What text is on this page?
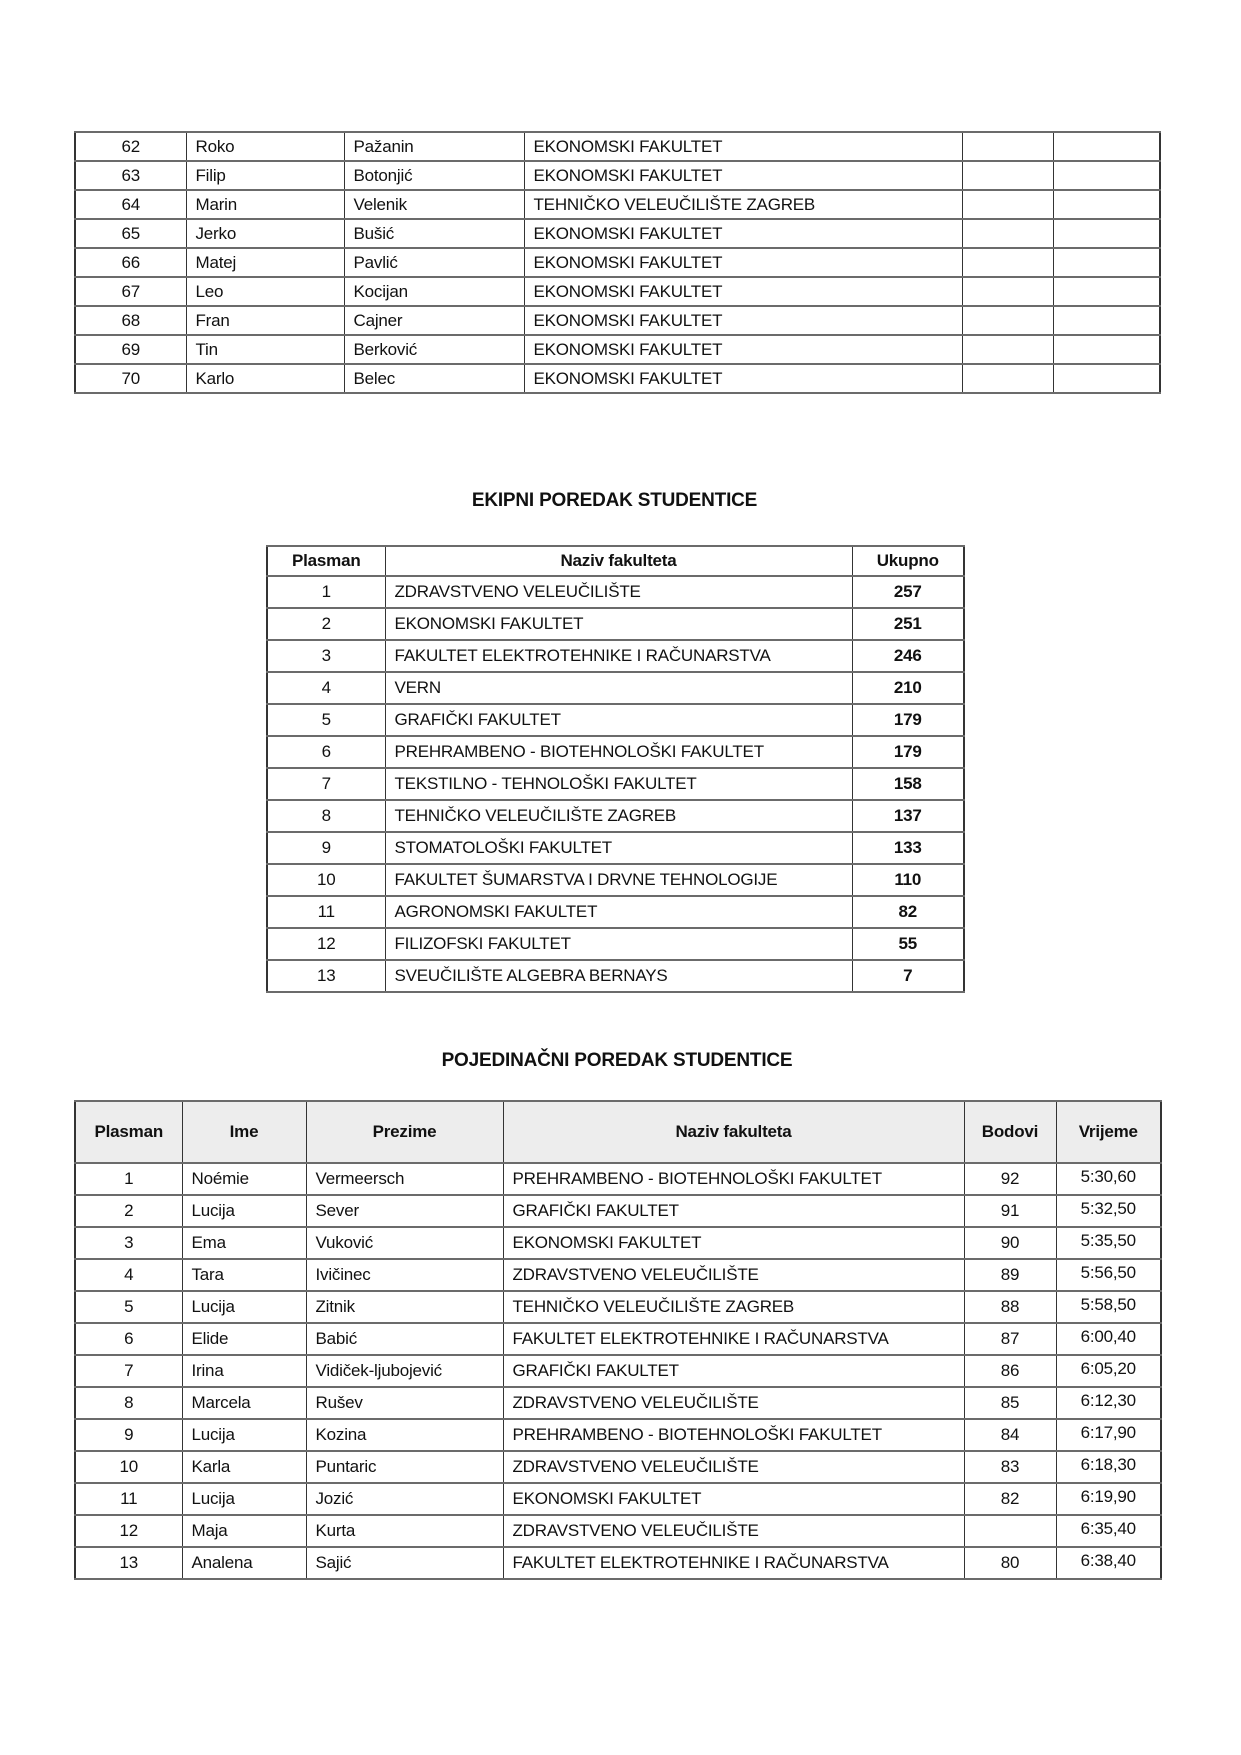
62	Roko	Pažanin	EKONOMSKI FAKULTET		
63	Filip	Botonjić	EKONOMSKI FAKULTET		
64	Marin	Velenik	TEHNIČKO VELEUČILIŠTE ZAGREB		
65	Jerko	Bušić	EKONOMSKI FAKULTET		
66	Matej	Pavlić	EKONOMSKI FAKULTET		
67	Leo	Kocijan	EKONOMSKI FAKULTET		
68	Fran	Cajner	EKONOMSKI FAKULTET		
69	Tin	Berković	EKONOMSKI FAKULTET		
70	Karlo	Belec	EKONOMSKI FAKULTET		
EKIPNI POREDAK STUDENTICE
Plasman	Naziv fakulteta	Ukupno
1	ZDRAVSTVENO VELEUČILIŠTE	257
2	EKONOMSKI FAKULTET	251
3	FAKULTET ELEKTROTEHNIKE I RAČUNARSTVA	246
4	VERN	210
5	GRAFIČKI FAKULTET	179
6	PREHRAMBENO - BIOTEHNOLOŠKI FAKULTET	179
7	TEKSTILNO - TEHNOLOŠKI FAKULTET	158
8	TEHNIČKO VELEUČILIŠTE ZAGREB	137
9	STOMATOLOŠKI FAKULTET	133
10	FAKULTET ŠUMARSTVA I DRVNE TEHNOLOGIJE	110
11	AGRONOMSKI FAKULTET	82
12	FILIZOFSKI FAKULTET	55
13	SVEUČILIŠTE ALGEBRA BERNAYS	7
POJEDINAČNI POREDAK STUDENTICE
Plasman	Ime	Prezime	Naziv fakulteta	Bodovi	Vrijeme
1	Noémie	Vermeersch	PREHRAMBENO - BIOTEHNOLOŠKI FAKULTET	92	5:30,60
2	Lucija	Sever	GRAFIČKI FAKULTET	91	5:32,50
3	Ema	Vuković	EKONOMSKI FAKULTET	90	5:35,50
4	Tara	Ivičinec	ZDRAVSTVENO VELEUČILIŠTE	89	5:56,50
5	Lucija	Zitnik	TEHNIČKO VELEUČILIŠTE ZAGREB	88	5:58,50
6	Elide	Babić	FAKULTET ELEKTROTEHNIKE I RAČUNARSTVA	87	6:00,40
7	Irina	Vidiček-ljubojević	GRAFIČKI FAKULTET	86	6:05,20
8	Marcela	Rušev	ZDRAVSTVENO VELEUČILIŠTE	85	6:12,30
9	Lucija	Kozina	PREHRAMBENO - BIOTEHNOLOŠKI FAKULTET	84	6:17,90
10	Karla	Puntaric	ZDRAVSTVENO VELEUČILIŠTE	83	6:18,30
11	Lucija	Jozić	EKONOMSKI FAKULTET	82	6:19,90
12	Maja	Kurta	ZDRAVSTVENO VELEUČILIŠTE		6:35,40
13	Analena	Sajić	FAKULTET ELEKTROTEHNIKE I RAČUNARSTVA	80	6:38,40
